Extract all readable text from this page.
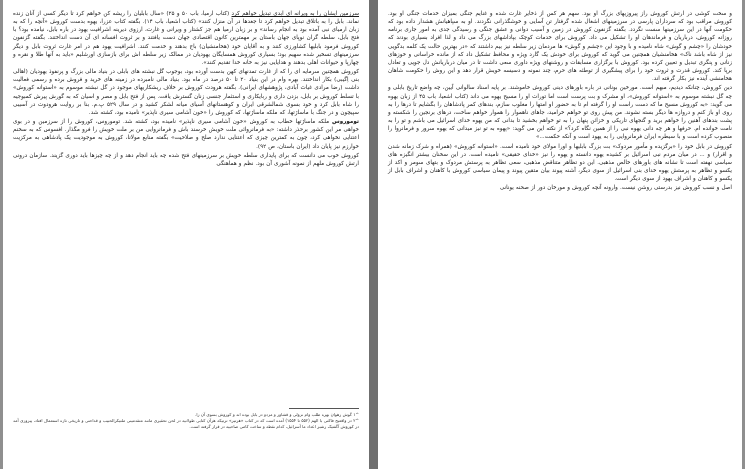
سرزمین ایشان را به ویرانه ای ابدی تبدیل خواهم کرد (کتاب ارمیا، باب ۵۰ و ۲۵) «سال بابلیان را ریشه کن خواهم کرد تا دیگر کسی از آنان زنده نماند. بابل را به باتلاق تبدیل خواهم کرد تا جغدها در آن منزل کنند» (کتاب اشعیا، باب ۱۴). بگفته کتاب عزرا، یهوه بدست کوروش «آنچه را که به زبان ارمیای نبی آمده بود به انجام رساند» و بر زبان ارمیا هم جز کشتار و ویرانی و غارت، ارزوی دیرینه اشرافیت یهود در باره بابل، نیامده بود؟ با فتح بابل، سلطه گران نوپای جهان باستان بر مهمترین کانون اقتصادی جهان دست یافتند و بر ثروت افسانه ای آن دست انداختند. بگفته گزنفون کوروش فرمود بابلیها کشاورزی کنند و به آقایان خود (هخامنشیان) باج بدهند و خدمت کنند. اشرافیت یهود هم در امر غارت ثروت بابل و دیگر سرزمینهای تسخیر شده سهیم بود؛ بسیاری کوروش همسایگان یهودیان در ممالک زیر سلطه اش برای بازسازی اورشلیم «باید به آنها طلا و نقره و چهارپا و حیوانات اهلی بدهند و هدایایی نیز به خانه خدا تقدیم کنند».

کوروش همچنین سرمایه ای را که از غارت تمدنهای کهن بدست آورده بود، بوجوب گل نبشته های بابلی در بنیاد مالی بزرگ و پرنفوذ یهودیان (اهالی بنی اِگیبی) بکار انداختند. بهره وام در این بنیاد ۲۰ تا ۵۰ درصد در ماه بود. بنیاد مالی نامبرده در زمینه های خرید و فروش برده و رسمی فعالیت داشت (رضا مرادی غیاث آبادی، پژوهشهای ایرانی). بگفته هرودت کوروش بر خلاف ریشکاریهای موجود در گل نبشته موسوم به «استوانه کوروش» با تسلط کوروش بر بابل، بزدن داری و ربایکاری و استثمار جنسی زنان گسترش یافت. پس از فتح بابل و مصر و اسیان که به گورش پیرش کمبوجیه را شاه بابل کرد و خود بسوی شمالشرقی ایران و کوهستانهای آسیای میانه لشکر کشید و در سال ۵۲۹ پ.م. بنا بر روایت هرودوت در آسیبی سپیچون و در جنگ با ماساژتها، که ملکه ماساژتها، که کوروش را «خون آشامی سیری ناپذیر» نامیده بود، کشته شد.

توموروس ملکه ماساژتها خطاب به کوروش «خون آشامی سیری ناپذیر» نامیده بود، کشته شد. توموروس، کوروش را از سرزمین و در بوی خواهی مر این کشور برحذر داشته: «به فرمانروائی ملت خویش خرسند باش و فرمانروایی من بر ملت خویش را فرو مگذار. افسوس که به سخنم اعتنایی نخواهی کرد، چون به کمترین چیزی که اعتنایی ندارد صلح و صلاحیت» بگفته منابع مولانا، کوروش به موجودیت یک پادشاهی به مرکزیت خوارزم نیز پایان داد (ایران باستان، ص ۹۲).

کوروش خوب می دانست که برای پایداری سلطه خویش بر سرزمینهای فتح شده چه باید انجام دهد و از چه چیزها باید دوری گزیند. سازمان درونی ارتش کوروش ملهم از نمونه آشوری آن بود. نظم و هماهنگی

^۱ گوش رهوان بهره طلب وام نزولی و قشاور و مزدو در بابل بوده اند و کوروش بسوی آن را.
^۲ در واقعیح فاکتی با الهم (۵۵۲ تا ۱۵۵۴) آمده است که در کتاب «هرتیر» ترتیکه هرآن کتابی طولانیه در لحن تحقیری مانند متقدمینی ملتیکرالحبیب و قداحتی و تاریخی تازه استعمال افتاد، پیروزی آمد در کوروش آگفتیک رشبر اعداد ما آسرائیل، کدام نقطه و ساخت کامی صاحبیه در قرار گرفته است.

و سخت کوشی در ارتش کوروش راز پیروزیهای بزرگ او بود. سهم هر کس از ذخایر غارت شده و غنایم جنگی بمیزان خدمات جنگی او بود. کوروش مراقب بود که سرداران پارسی در سرزمینهای اشغال شده گرفتار تن آسایی و خوشگذرانی نگردند. او به سپاهیانش هشدار داده بود که حکومت آنها در این سرزمینها سست نگردد. بگفته گزنفون کوروش در زمین و آسیب دوانی و عشق جنگی و رسیدگی جدی به امور جاری برنامه روزانه کوروش، درباریان و فرماندهان او را تشکیل می داد. کوروش برای خدمات کوچک بپاداشهای بزرگ می داد و لذا افراد بسیاری بودند که خودشان را «چشم و گوش» شاه نامیده و با وجود این «چشم و گوش» ها مردمان زیر سلطه نیز بیم داشتند که «در بهترین حالت یک کلمه بدگویی نیز از شاه باشد ناک» هخامنشیان همچنین می گوید که کوروش برای خودش یک گارد ویژه و محافظ تشکیل داد که از مانده خراسانی و خوزهای زنانی و پنگری تبدیل و تعیین کرده بود. کوروش با برگزاری مسابقات و روشنهای ویژه داوری سعی داشت تا در میان درباریانش دل جویی و تعادل برپا کند. کوروش قدرت و ثروت خود را برای پیشگیری از توطئه های حرم، چند نمونه و دسیسه خویش قرار دهد و این روش را حکومت شاهان هخامنشی آینده نیز بکار گرفته اند.

دین کوروش، چنانکه دیدیم، مبهم است. مورخین بونانی در باره باورهای دینی کوروش خاموشند. بر پایه اسناد سالوانی آیین، چه واضع تاریخ بابلی و چه گل نبشته موسوم به «استوانه کوروش»، او مشرک و بت پرست است اما تورات او را مسیح یهوه می داند (کتاب اشعیا، باب ۴۵ از زبان یهوه می گوید: «به کوروش مسیح ما که دست راست او را گرفته ام تا به حضور او امتها را مغلوب سازم، بندهای کمر پادشاهان را بگشایم تا درها را به روی او باز کنم و دروازه ها دیگر بسته نشوند. من پیش روی تو خواهم خرامید، جاهای ناهموار را هموار خواهم ساخت، درهای برنجین را شکسته و پشت بندهای آهنین را خواهم برید و گنجهای تاریکی و خزائن پنهان را به تو خواهم بخشید تا بدانی که من یهوه خدای اسرائیل می باشم و تو را به نامت خوانده ام. حرفها و هر چه دانی یهوه نبی را از همین نگاه کرد؟» از نکته این می گوید: «پهوه به تو نیز میدانی که یهوه سرور و فرمانروا را منصوب کرده است و با سیطره ایران فرمانروایی را به یهود است و آنکه حکمت...»

کوروش در بابل خود را «برگزیده و مأمور مردوک» بت بزرگ بابلیها و اورا مولای خود نامیده است. «استوانه کوروش» (همراه و شرک زمانه شدن و اقرار) و ... در میان مردم نبی اسرائیل بر کشیده یهوه دانسته و یهوه را نیز «خدای حقیقی» نامیده است. در این سخنان بیشتر انگیزه های سیاسی نهفته است تا نشانه های باورهای خالص مذهبی. این دو تظاهر متناقض مذهبی، سعی تظاهر به پرستش مردوک و بتهای سومر و اکد از یکسو و تظاهر به پرستش یهوه خدای بنی اسرائیل از سوی دیگر، آشنه پیوند بیان متقین پیوند و پیمان سیاسی کوروش با کاهنان و اشراف بابل از یکسو و کاهنان و اشراف یهود از سوی دیگر است.

اصل و نسب کوروش نیز بدرستی روشن نیست. وارونه آنچه کوروش و مورخان دور از صحنه یونانی
